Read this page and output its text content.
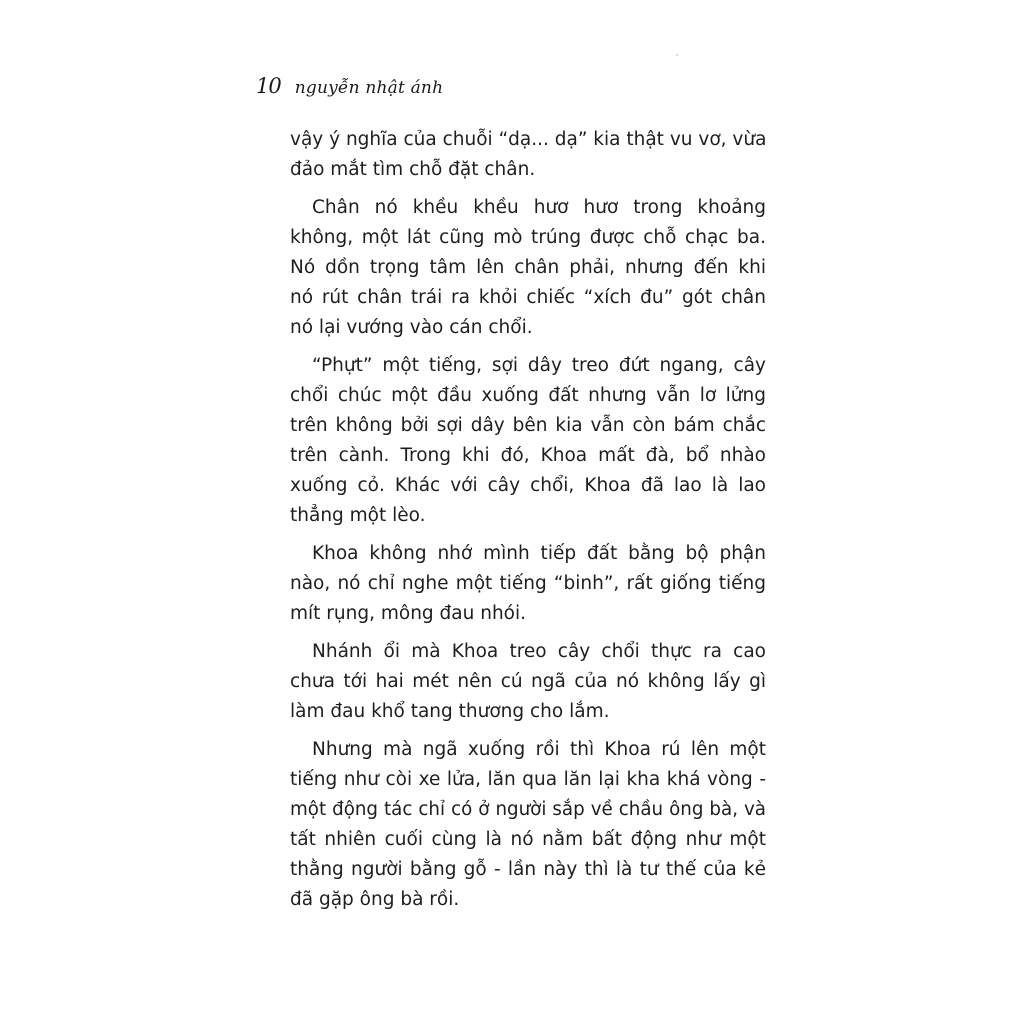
10 nguyễn nhật ánh

vậy ý nghĩa của chuỗi “dạ... dạ” kia thật vu vơ, vừa
đảo mắt tìm chỗ đặt chân.

Chân nó khều khều hươ hươ trong khoảng
không, một lát cũng mò trúng được chỗ chạc ba.
Nó dồn trọng tâm lên chân phải, nhưng đến khi
nó rút chân trái ra khỏi chiếc “xích đu” gót chân
nó lại vướng vào cán chổi.

“Phựt” một tiếng, sợi dây treo đứt ngang, cây
chổi chúc một đầu xuống đất nhưng vẫn lơ lửng
trên không bởi sợi dây bên kia vẫn còn bám chắc
trên cành. Trong khi đó, Khoa mất đà, bổ nhào
xuống cỏ. Khác với cây chổi, Khoa đã lao là lao
thẳng một lèo.

Khoa không nhớ mình tiếp đất bằng bộ phận
nào, nó chỉ nghe một tiếng “binh”, rất giống tiếng
mít rụng, mông đau nhói.

Nhánh ổi mà Khoa treo cây chổi thực ra cao
chưa tới hai mét nên cú ngã của nó không lấy gì
làm đau khổ tang thương cho lắm.

Nhưng mà ngã xuống rồi thì Khoa rú lên một
tiếng như còi xe lửa, lăn qua lăn lại kha khá vòng -
một động tác chỉ có ở người sắp về chầu ông bà, và
tất nhiên cuối cùng là nó nằm bất động như một
thằng người bằng gỗ - lần này thì là tư thế của kẻ
đã gặp ông bà rồi.
